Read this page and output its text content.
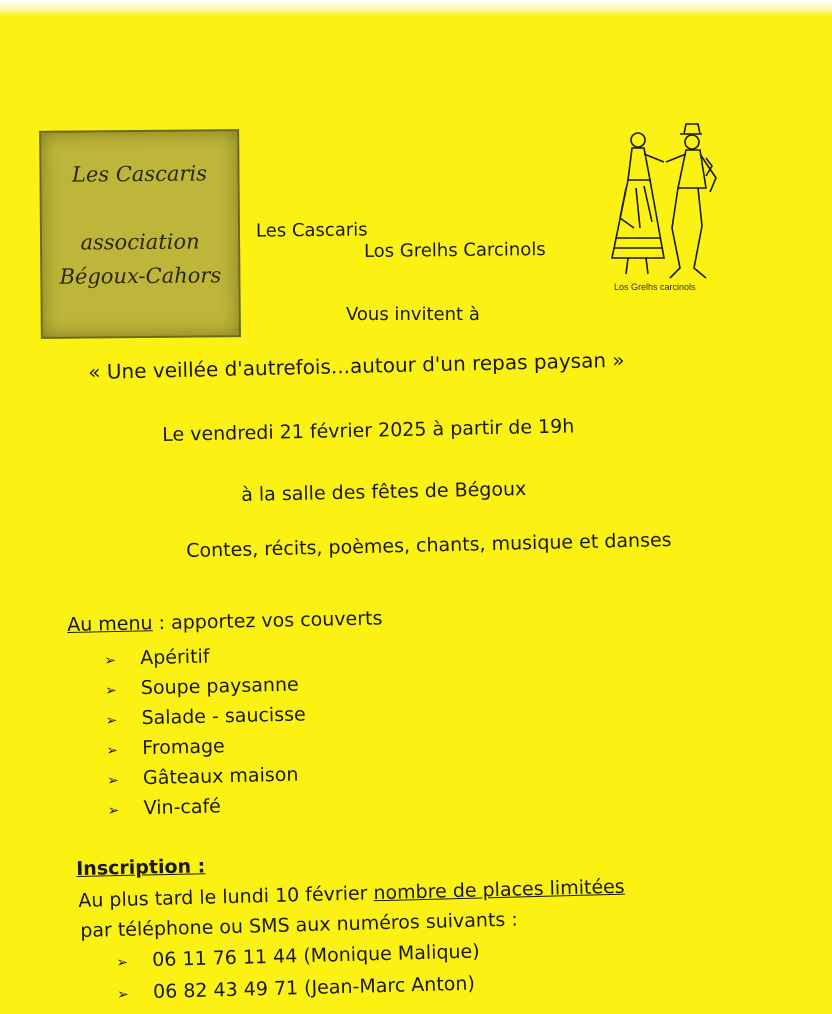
Les Cascaris
association
Bégoux-Cahors	Los Grelhs carcinols
Les Cascaris
Los Grelhs Carcinols
Vous invitent à
« Une veillée d'autrefois...autour d'un repas paysan »
Le vendredi 21 février 2025 à partir de 19h
à la salle des fêtes de Bégoux
Contes, récits, poèmes, chants, musique et danses
Au menu : apportez vos couverts
➢ Apéritif
➢ Soupe paysanne
➢ Salade - saucisse
➢ Fromage
➢ Gâteaux maison
➢ Vin-café
Inscription :
Au plus tard le lundi 10 février nombre de places limitées
par téléphone ou SMS aux numéros suivants :
➢ 06 11 76 11 44 (Monique Malique)
➢ 06 82 43 49 71 (Jean-Marc Anton)
